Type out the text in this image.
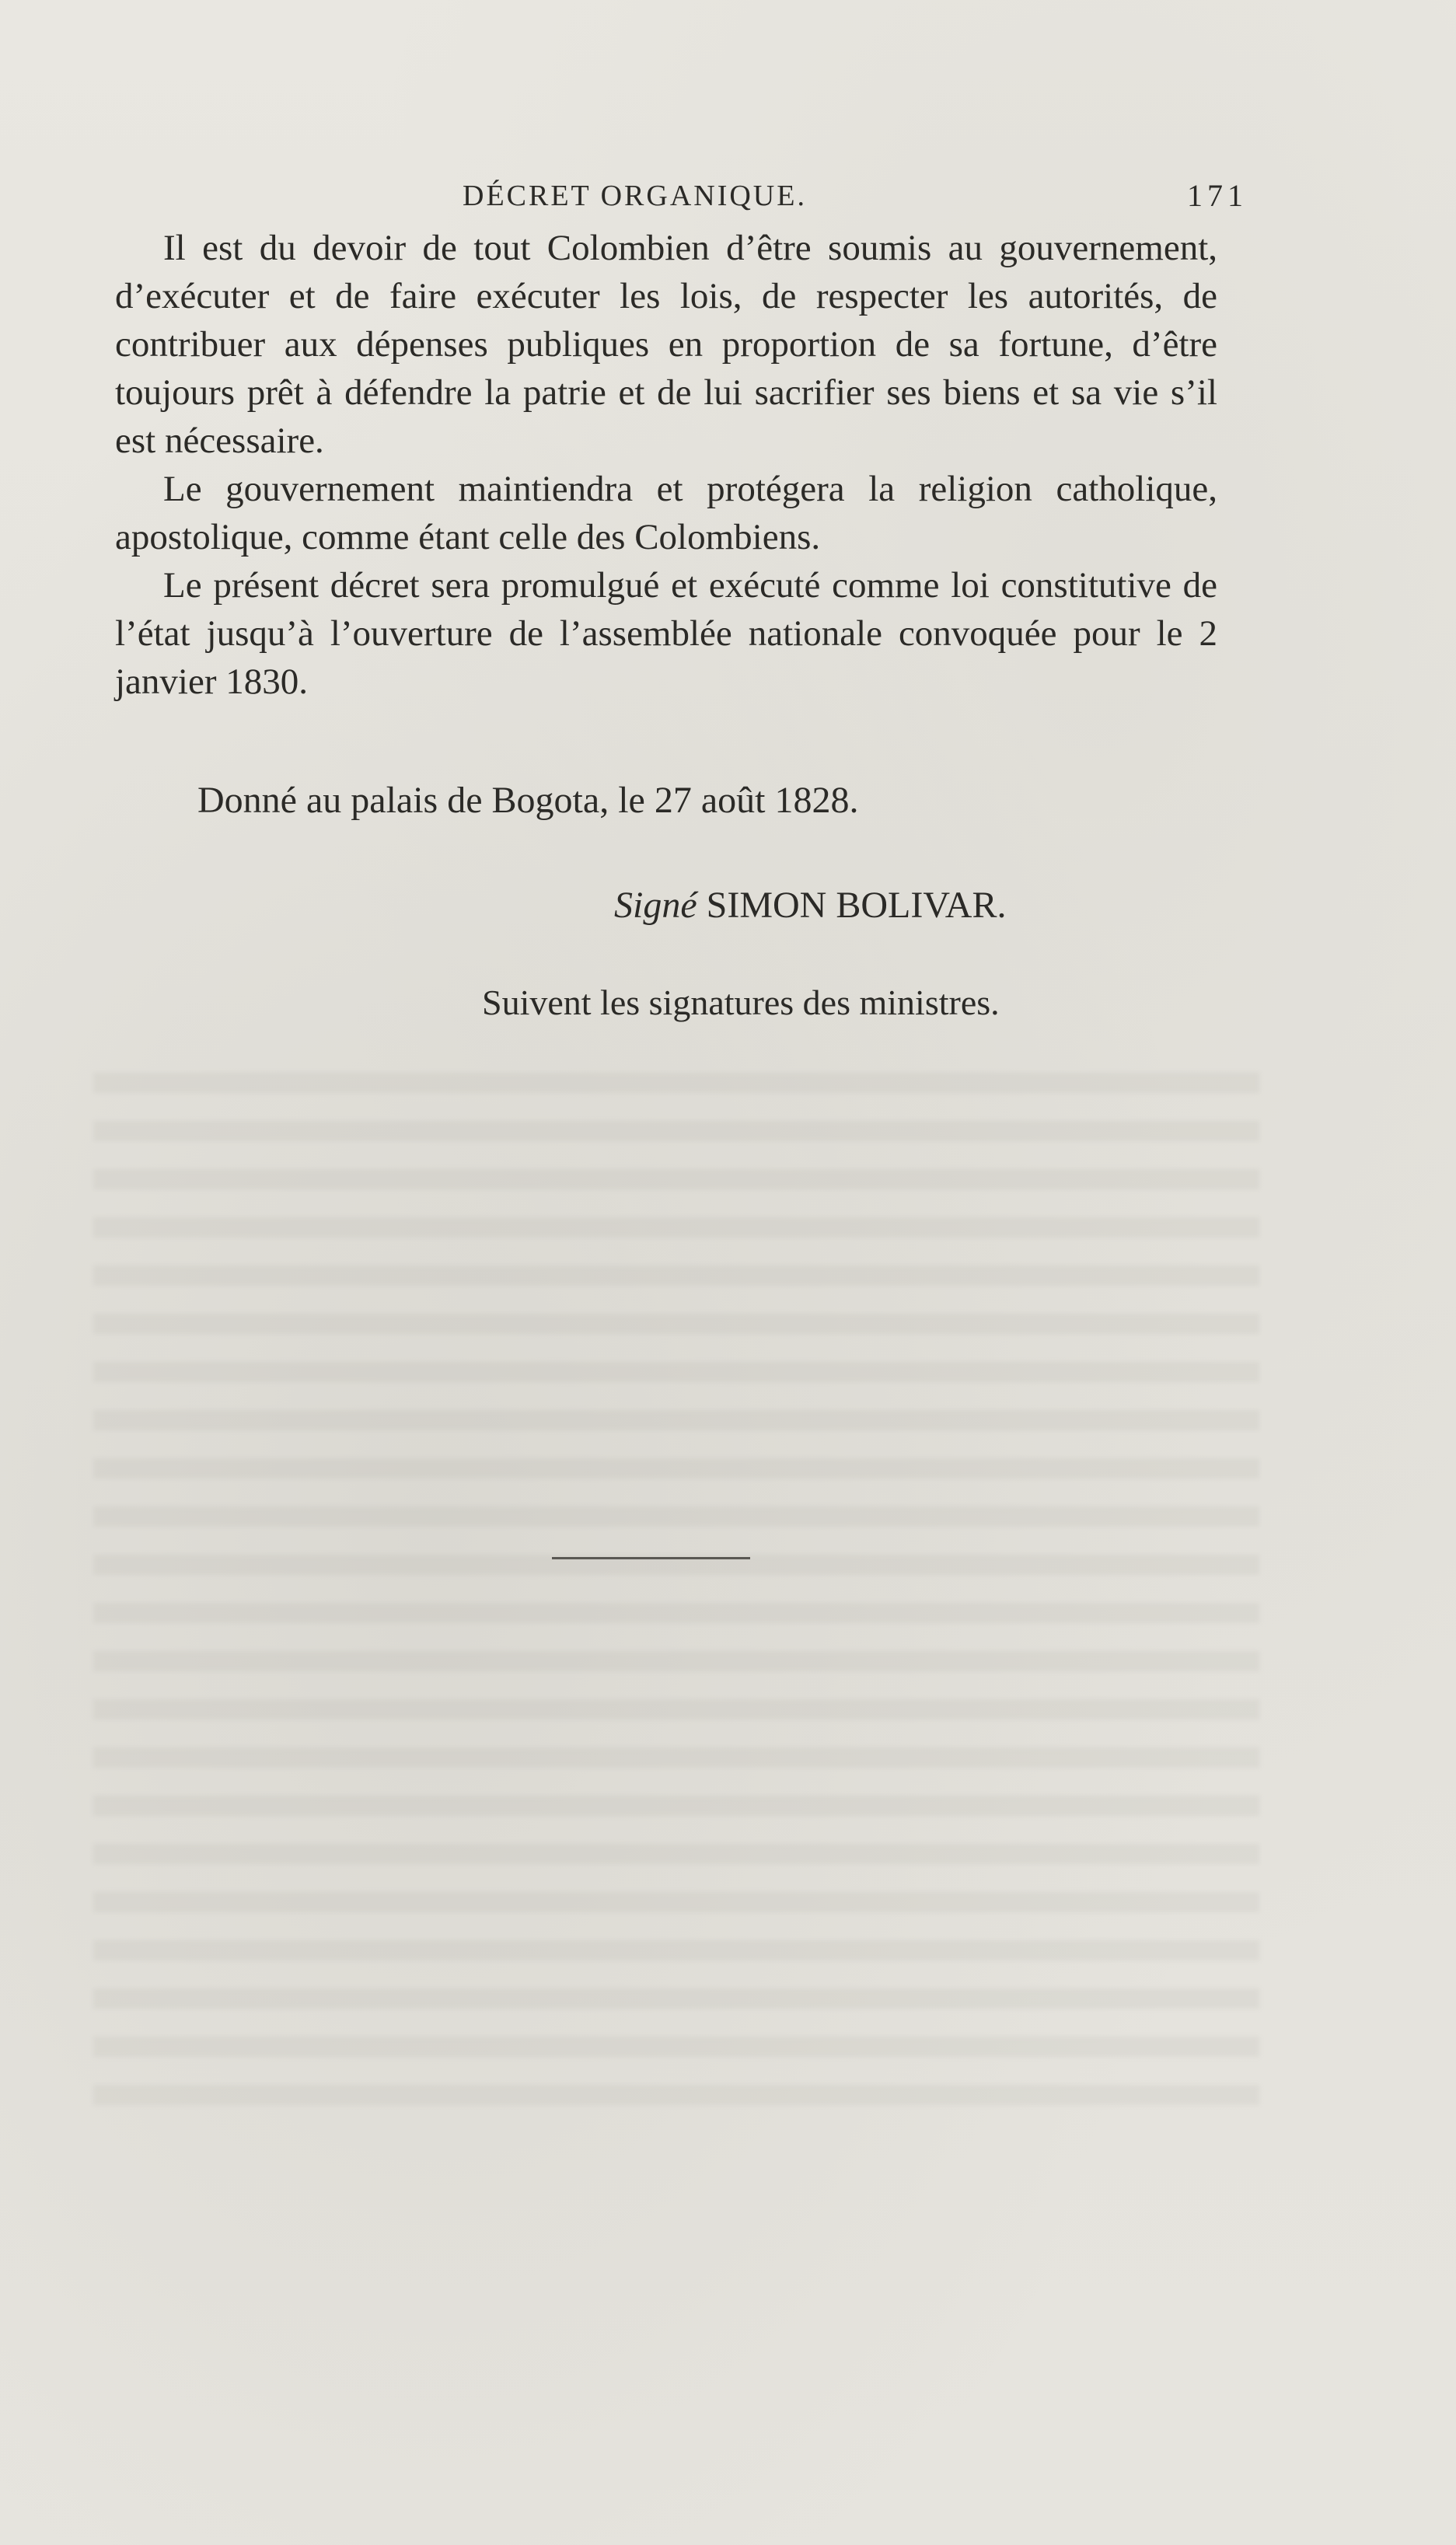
DÉCRET ORGANIQUE.	171

Il est du devoir de tout Colombien d’être soumis au gouvernement, d’exécuter et de faire exécuter les lois, de respecter les autorités, de contribuer aux dépenses publiques en proportion de sa fortune, d’être toujours prêt à défendre la patrie et de lui sacrifier ses biens et sa vie s’il est nécessaire.

Le gouvernement maintiendra et protégera la religion catholique, apostolique, comme étant celle des Colombiens.

Le présent décret sera promulgué et exécuté comme loi constitutive de l’état jusqu’à l’ouverture de l’assemblée nationale convoquée pour le 2 janvier 1830.

Donné au palais de Bogota, le 27 août 1828.
Signé SIMON BOLIVAR.
Suivent les signatures des ministres.
